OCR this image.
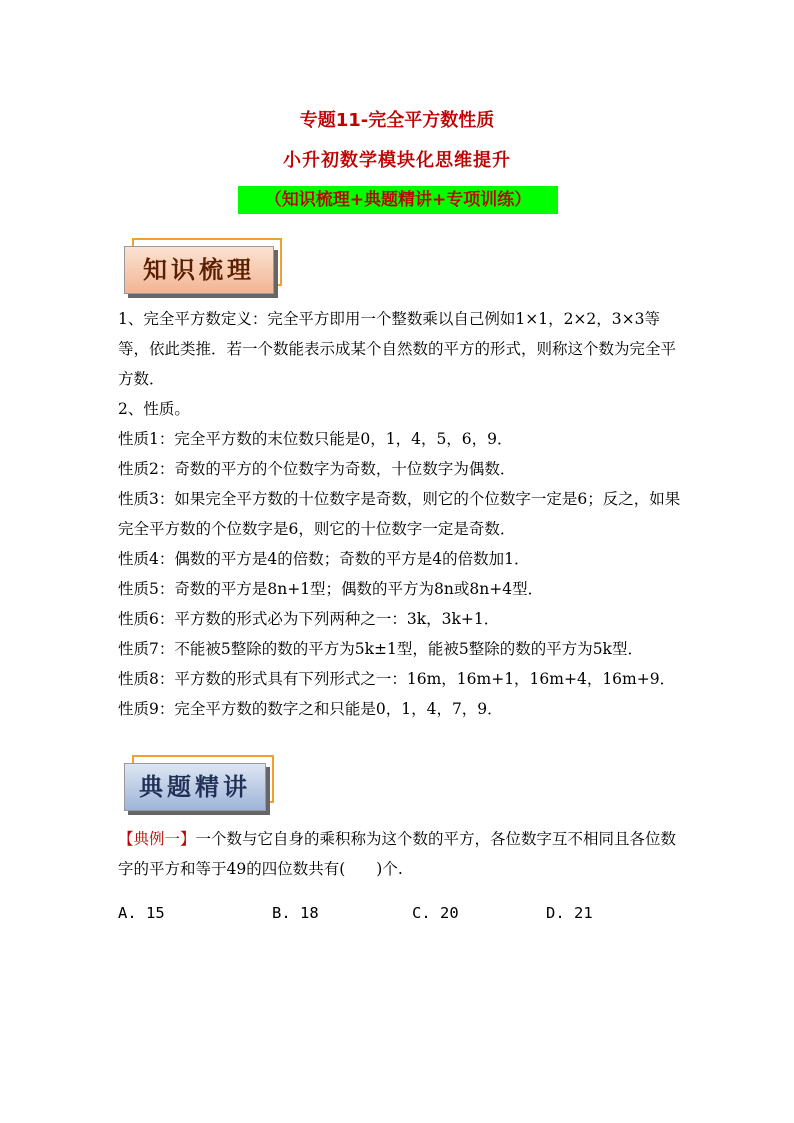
专题11-完全平方数性质
小升初数学模块化思维提升
（知识梳理+典题精讲+专项训练）
知识梳理

1、完全平方数定义：完全平方即用一个整数乘以自己例如1×1，2×2，3×3等等，依此类推．若一个数能表示成某个自然数的平方的形式，则称这个数为完全平方数．

2、性质。

性质1：完全平方数的末位数只能是0，1，4，5，6，9．

性质2：奇数的平方的个位数字为奇数，十位数字为偶数．

性质3：如果完全平方数的十位数字是奇数，则它的个位数字一定是6；反之，如果完全平方数的个位数字是6，则它的十位数字一定是奇数．

性质4：偶数的平方是4的倍数；奇数的平方是4的倍数加1．

性质5：奇数的平方是8n+1型；偶数的平方为8n或8n+4型．

性质6：平方数的形式必为下列两种之一：3k，3k+1．

性质7：不能被5整除的数的平方为5k±1型，能被5整除的数的平方为5k型．

性质8：平方数的形式具有下列形式之一：16m，16m+1，16m+4，16m+9． 性质9：完全平方数的数字之和只能是0，1，4，7，9．

典题精讲

【典例一】一个数与它自身的乘积称为这个数的平方，各位数字互不相同且各位数字的平方和等于49的四位数共有(　　)个.

A. 15	B. 18	C. 20	D. 21
